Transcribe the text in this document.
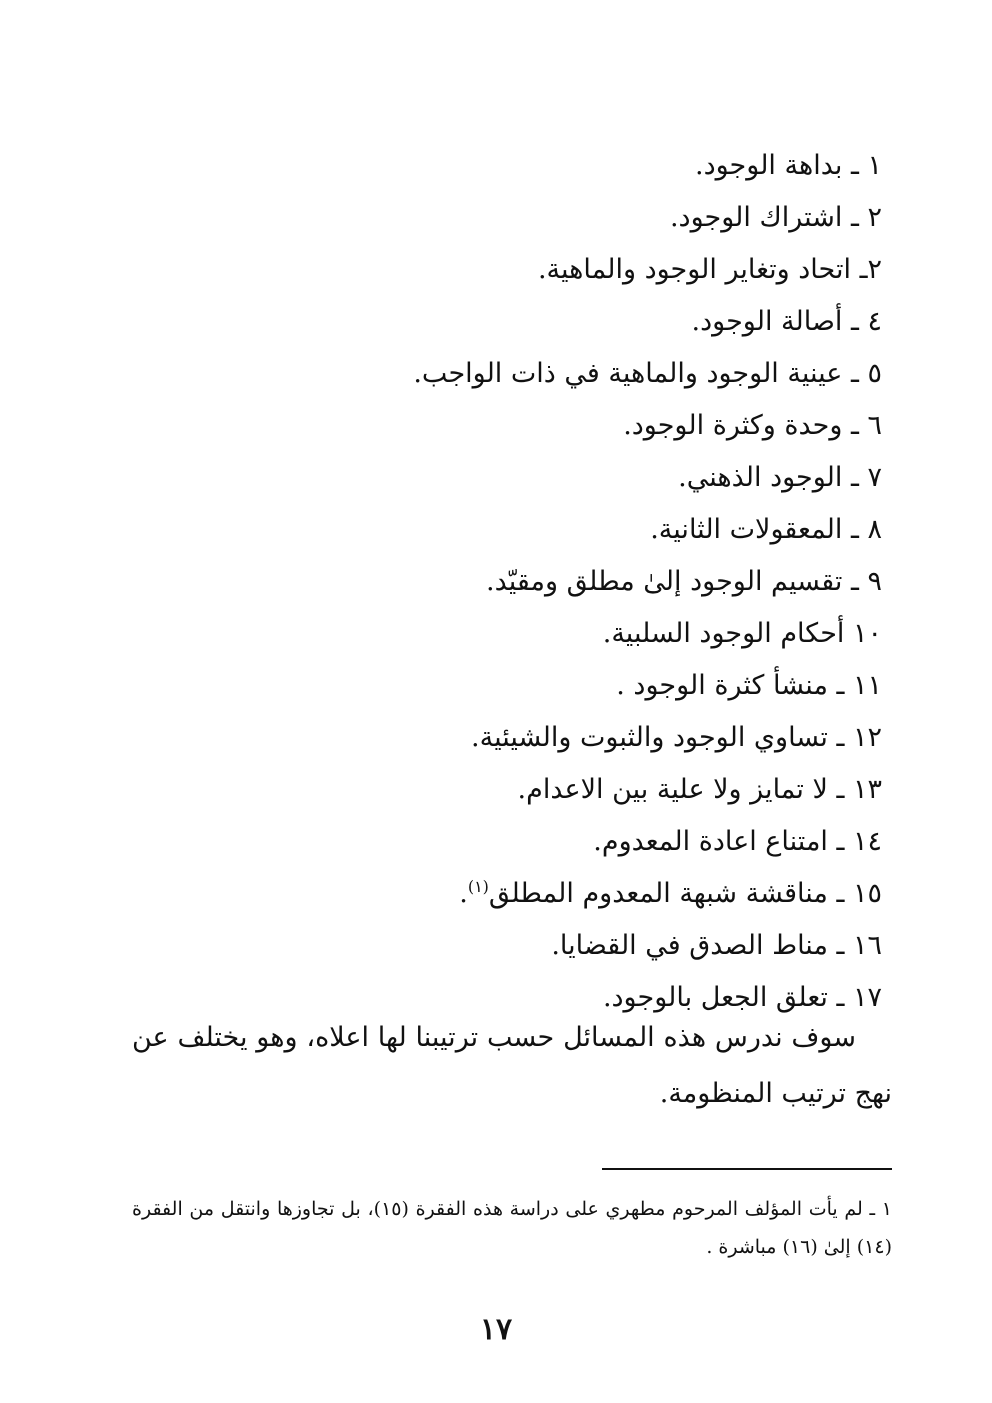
١ ـ بداهة الوجود.
٢ ـ اشتراك الوجود.
٢ـ اتحاد وتغاير الوجود والماهية.
٤ ـ أصالة الوجود.
٥ ـ عينية الوجود والماهية في ذات الواجب.
٦ ـ وحدة وكثرة الوجود.
٧ ـ الوجود الذهني.
٨ ـ المعقولات الثانية.
٩ ـ تقسيم الوجود إلىٰ مطلق ومقيّد.
١٠ أحكام الوجود السلبية.
١١ ـ منشأ كثرة الوجود .
١٢ ـ تساوي الوجود والثبوت والشيئية.
١٣ ـ لا تمايز ولا علية بين الاعدام.
١٤ ـ امتناع اعادة المعدوم.
١٥ ـ مناقشة شبهة المعدوم المطلق$^{(١)}$.
١٦ ـ مناط الصدق في القضايا.
١٧ ـ تعلق الجعل بالوجود.

سوف ندرس هذه المسائل حسب ترتيبنا لها اعلاه، وهو يختلف عن نهج ترتيب المنظومة.

١ ـ لم يأت المؤلف المرحوم مطهري على دراسة هذه الفقرة (١٥)، بل تجاوزها وانتقل من الفقرة (١٤) إلىٰ (١٦) مباشرة .

١٧
